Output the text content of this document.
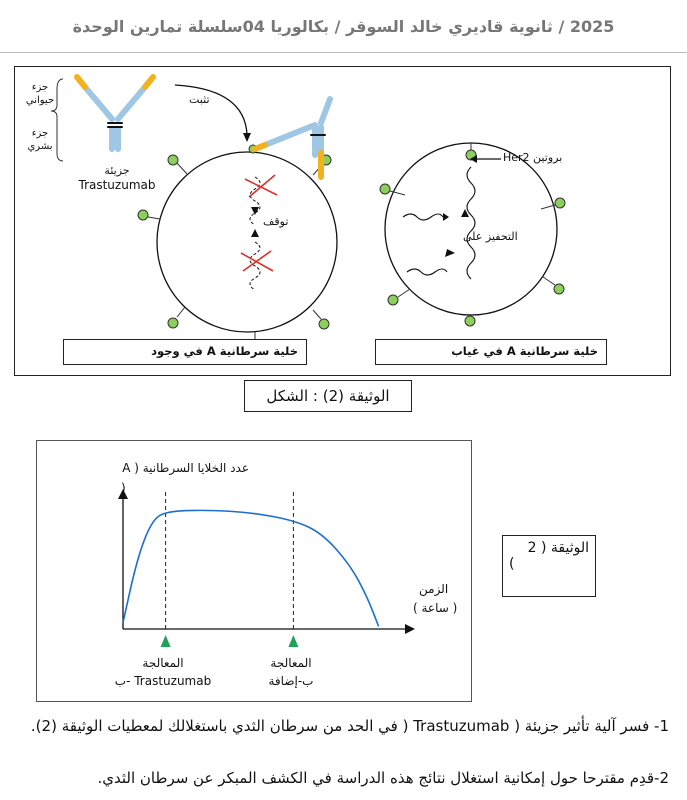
2025 / ثانوية قاديري خالد السوقر / بكالوريا 04سلسلة تمارين الوحدة
جزء حيواني
جزء بشري
جزيئة
Trastuzumab
تثبت
توقف
بروتين Her2
التحفيز على
خلية سرطانية A في وجود	خلية سرطانية A في غياب
الوثيقة (2) : الشكل
عدد الخلايا السرطانية ( A
)
الزمن
( ساعة )
المعالجة
ب- Trastuzumab
المعالجة
ب-إضافة
الوثيقة ( 2
)
1- فسر آلية تأثير جزيئة ( Trastuzumab ( في الحد من سرطان الثدي باستغلالك لمعطيات الوثيقة (2).
2-قدِم مقترحا حول إمكانية استغلال نتائج هذه الدراسة في الكشف المبكر عن سرطان الثدي.
